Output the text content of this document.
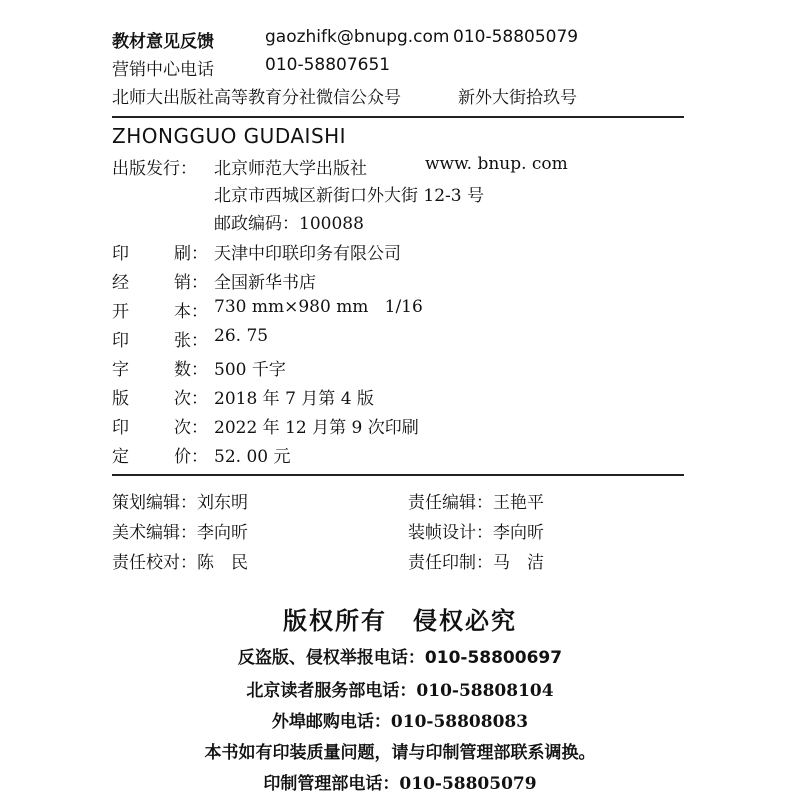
教材意见反馈	gaozhifk@bnupg.com 010-58805079
营销中心电话	010-58807651
北师大出版社高等教育分社微信公众号	新外大街拾玖号
ZHONGGUO GUDAISHI
出版发行： 北京师范大学出版社	www. bnup. com
北京市西城区新街口外大街 12-3 号
邮政编码：100088
印	刷： 天津中印联印务有限公司
经	销： 全国新华书店
开	本： 730 mm×980 mm   1/16
印	张： 26. 75
字	数： 500 千字
版	次： 2018 年 7 月第 4 版
印	次： 2022 年 12 月第 9 次印刷
定	价： 52. 00 元
策划编辑：刘东明	责任编辑：王艳平
美术编辑：李向昕	装帧设计：李向昕
责任校对：陈　民	责任印制：马　洁
版权所有　侵权必究
反盗版、侵权举报电话：010-58800697
北京读者服务部电话：010-58808104
外埠邮购电话：010-58808083
本书如有印装质量问题，请与印制管理部联系调换。
印制管理部电话：010-58805079
